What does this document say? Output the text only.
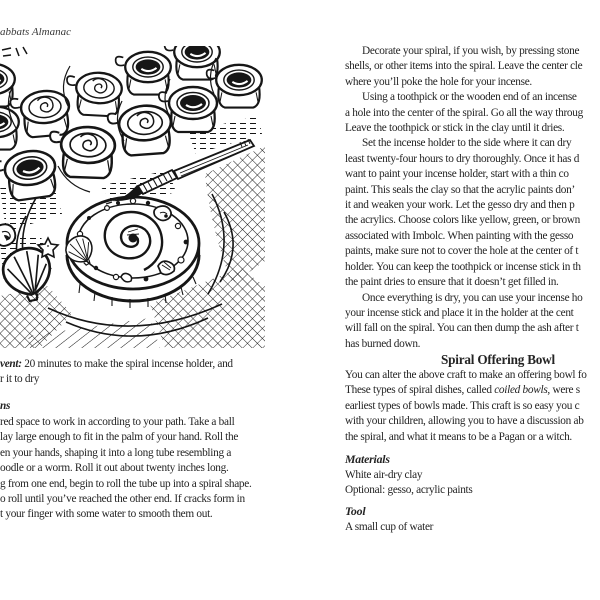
abbats Almanac
vent: 20 minutes to make the spiral incense holder, and
r it to dry
ns
red space to work in according to your path. Take a ball
lay large enough to fit in the palm of your hand. Roll the
en your hands, shaping it into a long tube resembling a
oodle or a worm. Roll it out about twenty inches long.
g from one end, begin to roll the tube up into a spiral shape.
o roll until you’ve reached the other end. If cracks form in
t your finger with some water to smooth them out.
Decorate your spiral, if you wish, by pressing stone
shells, or other items into the spiral. Leave the center cle
where you’ll poke the hole for your incense.
Using a toothpick or the wooden end of an incense
a hole into the center of the spiral. Go all the way throug
Leave the toothpick or stick in the clay until it dries.
Set the incense holder to the side where it can dry
least twenty-four hours to dry thoroughly. Once it has d
want to paint your incense holder, start with a thin co
paint. This seals the clay so that the acrylic paints don’
it and weaken your work. Let the gesso dry and then p
the acrylics. Choose colors like yellow, green, or brown
associated with Imbolc. When painting with the gesso
paints, make sure not to cover the hole at the center of t
holder. You can keep the toothpick or incense stick in th
the paint dries to ensure that it doesn’t get filled in.
Once everything is dry, you can use your incense ho
your incense stick and place it in the holder at the cent
will fall on the spiral. You can then dump the ash after t
has burned down.
Spiral Offering Bowl
You can alter the above craft to make an offering bowl fo
These types of spiral dishes, called coiled bowls, were s
earliest types of bowls made. This craft is so easy you c
with your children, allowing you to have a discussion ab
the spiral, and what it means to be a Pagan or a witch.
Materials
White air-dry clay
Optional: gesso, acrylic paints
Tool
A small cup of water
